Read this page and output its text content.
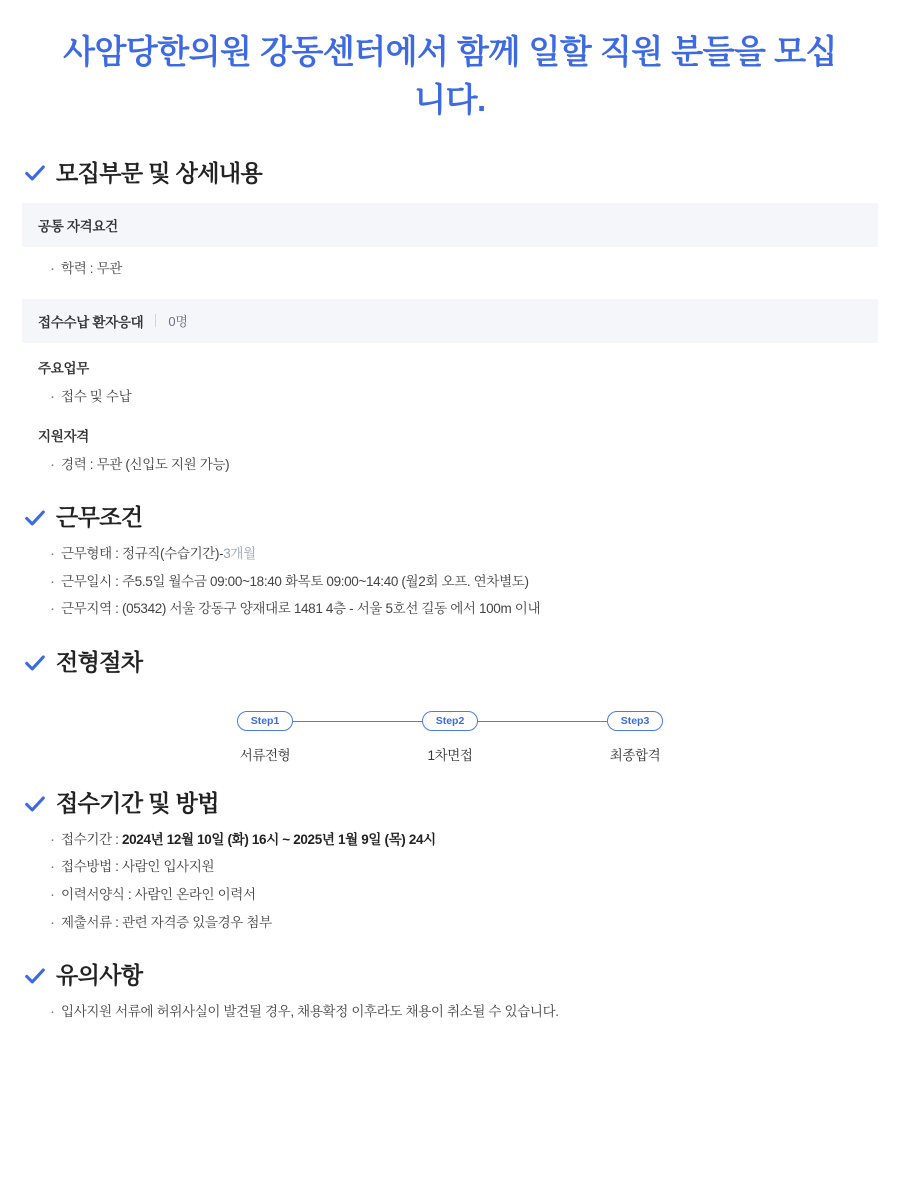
사암당한의원 강동센터에서 함께 일할 직원 분들을 모십니다.
모집부문 및 상세내용
공통 자격요건
· 학력 : 무관
접수수납 환자응대 0명
주요업무
· 접수 및 수납
지원자격
· 경력 : 무관 (신입도 지원 가능)
근무조건
· 근무형태 : 정규직(수습기간)-3개월
· 근무일시 : 주5.5일 월수금 09:00~18:40 화목토 09:00~14:40 (월2회 오프. 연차별도)
· 근무지역 : (05342) 서울 강동구 양재대로 1481 4층 - 서울 5호선 길동 에서 100m 이내
전형절차
Step1
서류전형
Step2
1차면접
Step3
최종합격
접수기간 및 방법
· 접수기간 : 2024년 12월 10일 (화) 16시 ~ 2025년 1월 9일 (목) 24시
· 접수방법 : 사람인 입사지원
· 이력서양식 : 사람인 온라인 이력서
· 제출서류 : 관련 자격증 있을경우 첨부
유의사항
· 입사지원 서류에 허위사실이 발견될 경우, 채용확정 이후라도 채용이 취소될 수 있습니다.
